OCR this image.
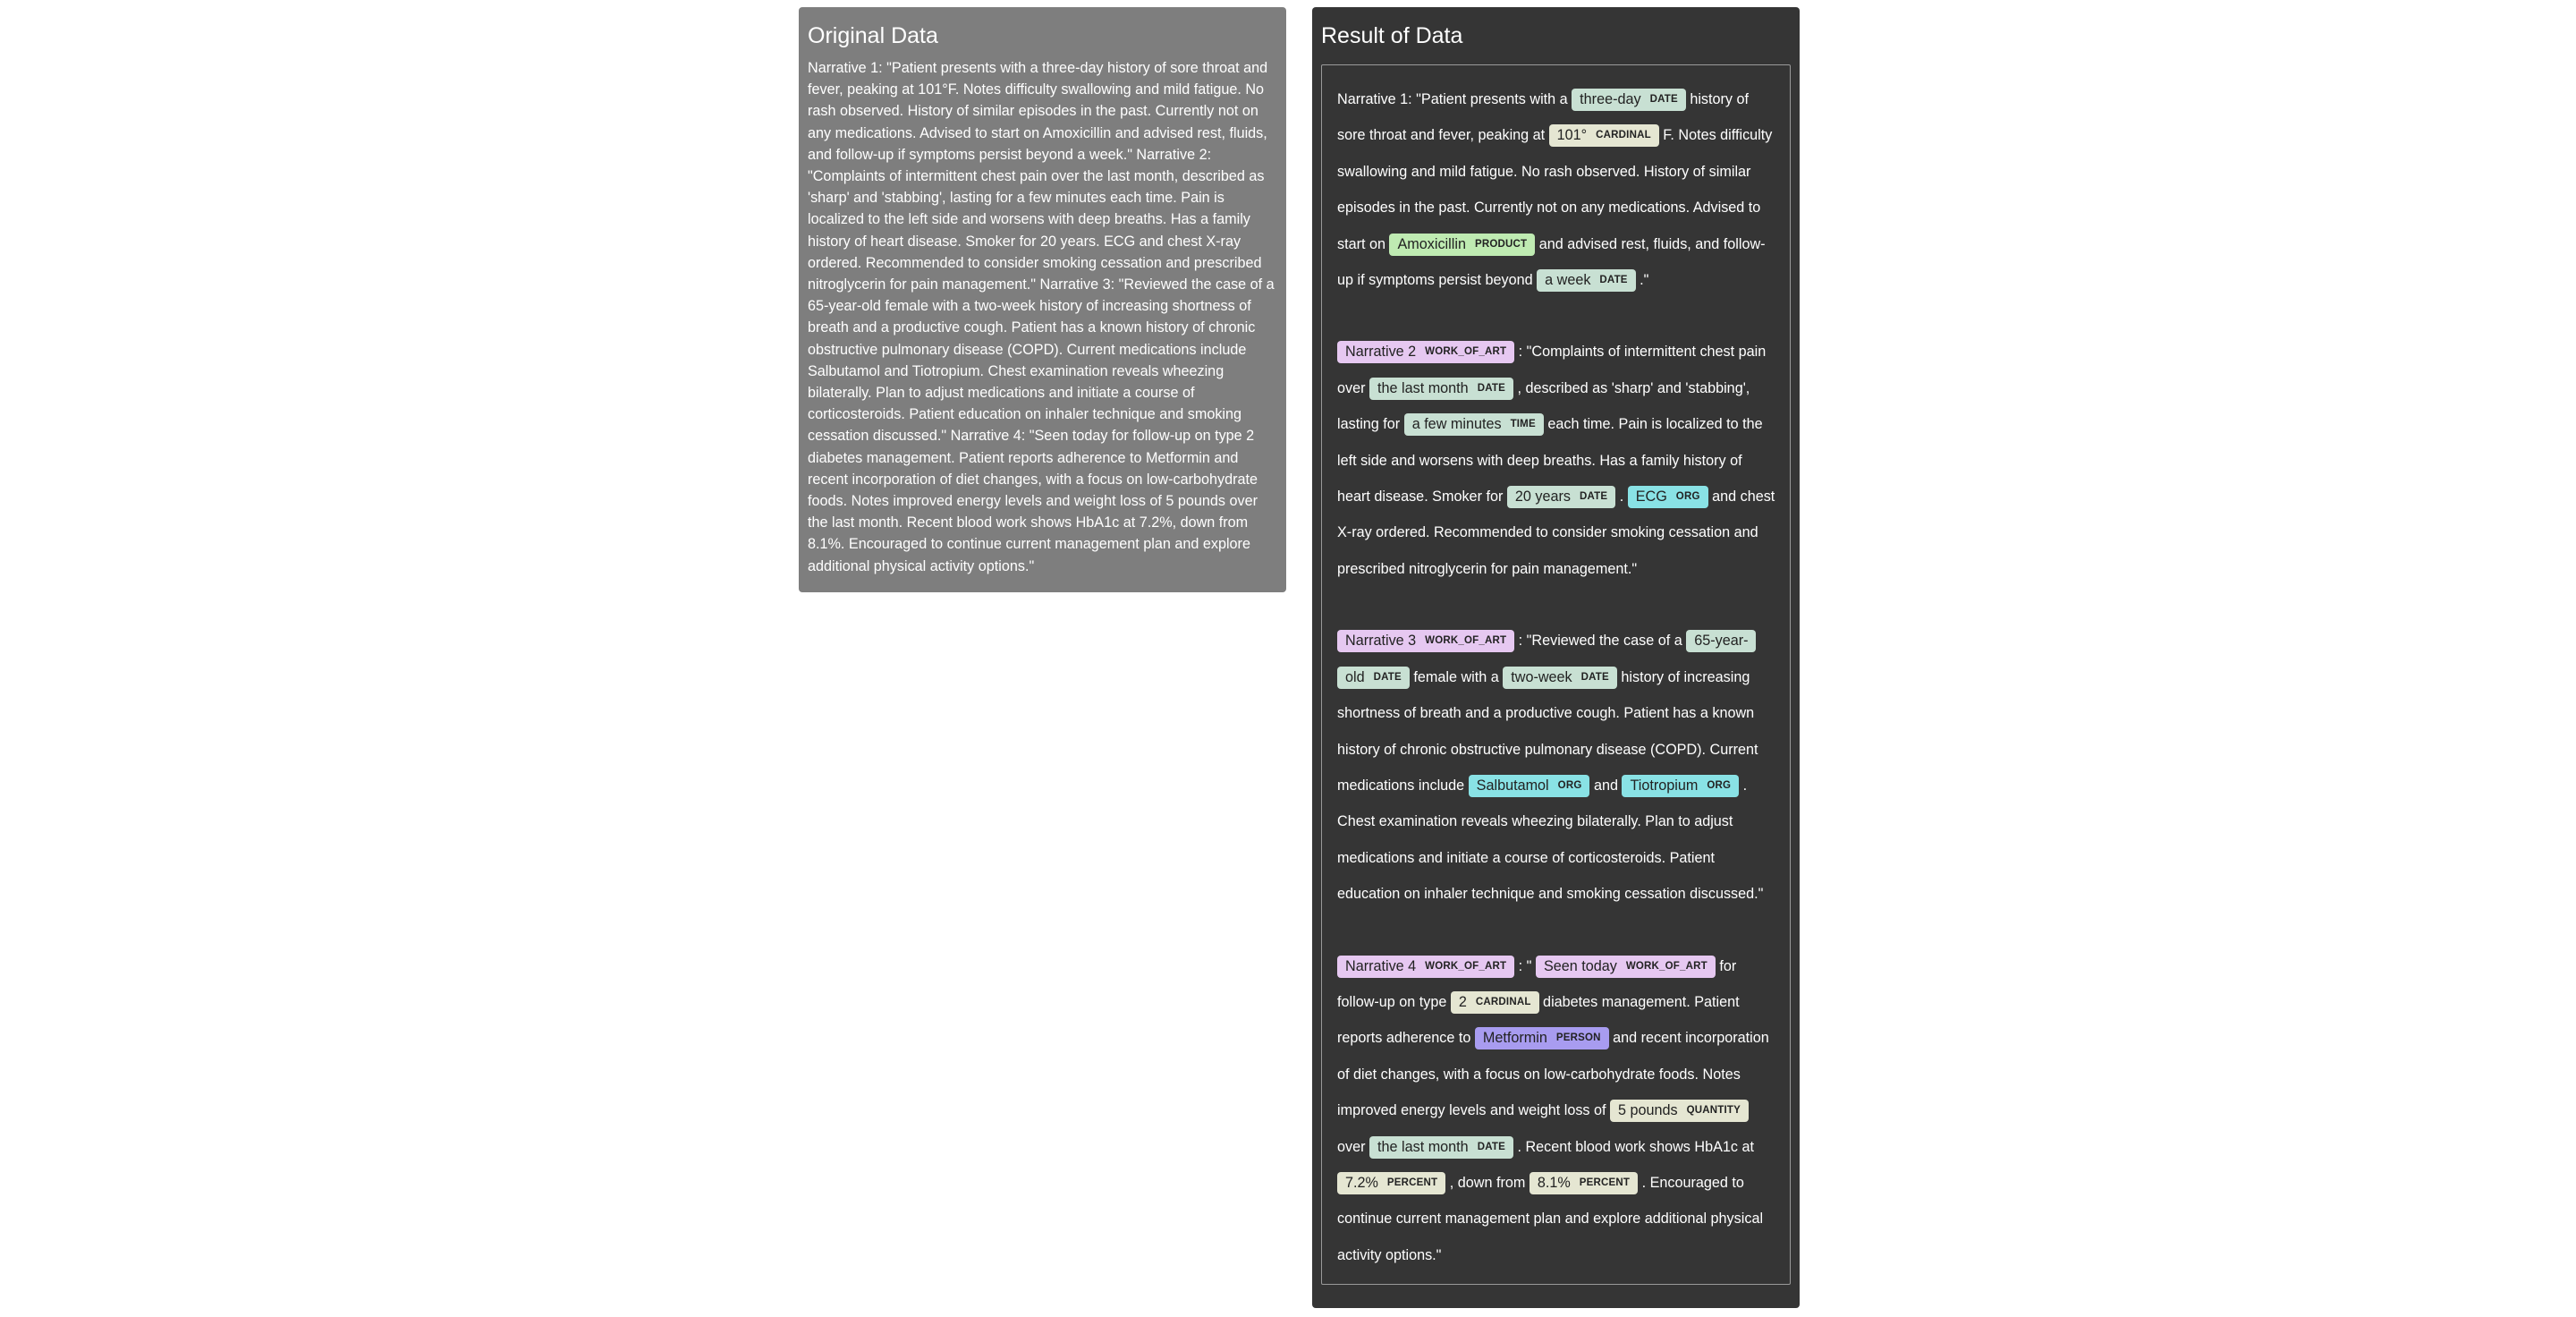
Original Data

Narrative 1: "Patient presents with a three-day history of sore throat and fever, peaking at 101°F. Notes difficulty swallowing and mild fatigue. No rash observed. History of similar episodes in the past. Currently not on any medications. Advised to start on Amoxicillin and advised rest, fluids, and follow-up if symptoms persist beyond a week." Narrative 2: "Complaints of intermittent chest pain over the last month, described as 'sharp' and 'stabbing', lasting for a few minutes each time. Pain is localized to the left side and worsens with deep breaths. Has a family history of heart disease. Smoker for 20 years. ECG and chest X-ray ordered. Recommended to consider smoking cessation and prescribed nitroglycerin for pain management." Narrative 3: "Reviewed the case of a 65-year-old female with a two-week history of increasing shortness of breath and a productive cough. Patient has a known history of chronic obstructive pulmonary disease (COPD). Current medications include Salbutamol and Tiotropium. Chest examination reveals wheezing bilaterally. Plan to adjust medications and initiate a course of corticosteroids. Patient education on inhaler technique and smoking cessation discussed." Narrative 4: "Seen today for follow-up on type 2 diabetes management. Patient reports adherence to Metformin and recent incorporation of diet changes, with a focus on low-carbohydrate foods. Notes improved energy levels and weight loss of 5 pounds over the last month. Recent blood work shows HbA1c at 7.2%, down from 8.1%. Encouraged to continue current management plan and explore additional physical activity options."

Result of Data

Narrative 1: "Patient presents with a three-day DATE history of sore throat and fever, peaking at 101° CARDINAL F. Notes difficulty swallowing and mild fatigue. No rash observed. History of similar episodes in the past. Currently not on any medications. Advised to start on Amoxicillin PRODUCT and advised rest, fluids, and follow-up if symptoms persist beyond a week DATE ."

Narrative 2 WORK_OF_ART : "Complaints of intermittent chest pain over the last month DATE , described as 'sharp' and 'stabbing', lasting for a few minutes TIME each time. Pain is localized to the left side and worsens with deep breaths. Has a family history of heart disease. Smoker for 20 years DATE . ECG ORG and chest X-ray ordered. Recommended to consider smoking cessation and prescribed nitroglycerin for pain management."

Narrative 3 WORK_OF_ART : "Reviewed the case of a 65-year-old DATE female with a two-week DATE history of increasing shortness of breath and a productive cough. Patient has a known history of chronic obstructive pulmonary disease (COPD). Current medications include Salbutamol ORG and Tiotropium ORG . Chest examination reveals wheezing bilaterally. Plan to adjust medications and initiate a course of corticosteroids. Patient education on inhaler technique and smoking cessation discussed."

Narrative 4 WORK_OF_ART : " Seen today WORK_OF_ART for follow-up on type 2 CARDINAL diabetes management. Patient reports adherence to Metformin PERSON and recent incorporation of diet changes, with a focus on low-carbohydrate foods. Notes improved energy levels and weight loss of 5 pounds QUANTITY over the last month DATE . Recent blood work shows HbA1c at 7.2% PERCENT , down from 8.1% PERCENT . Encouraged to continue current management plan and explore additional physical activity options."
